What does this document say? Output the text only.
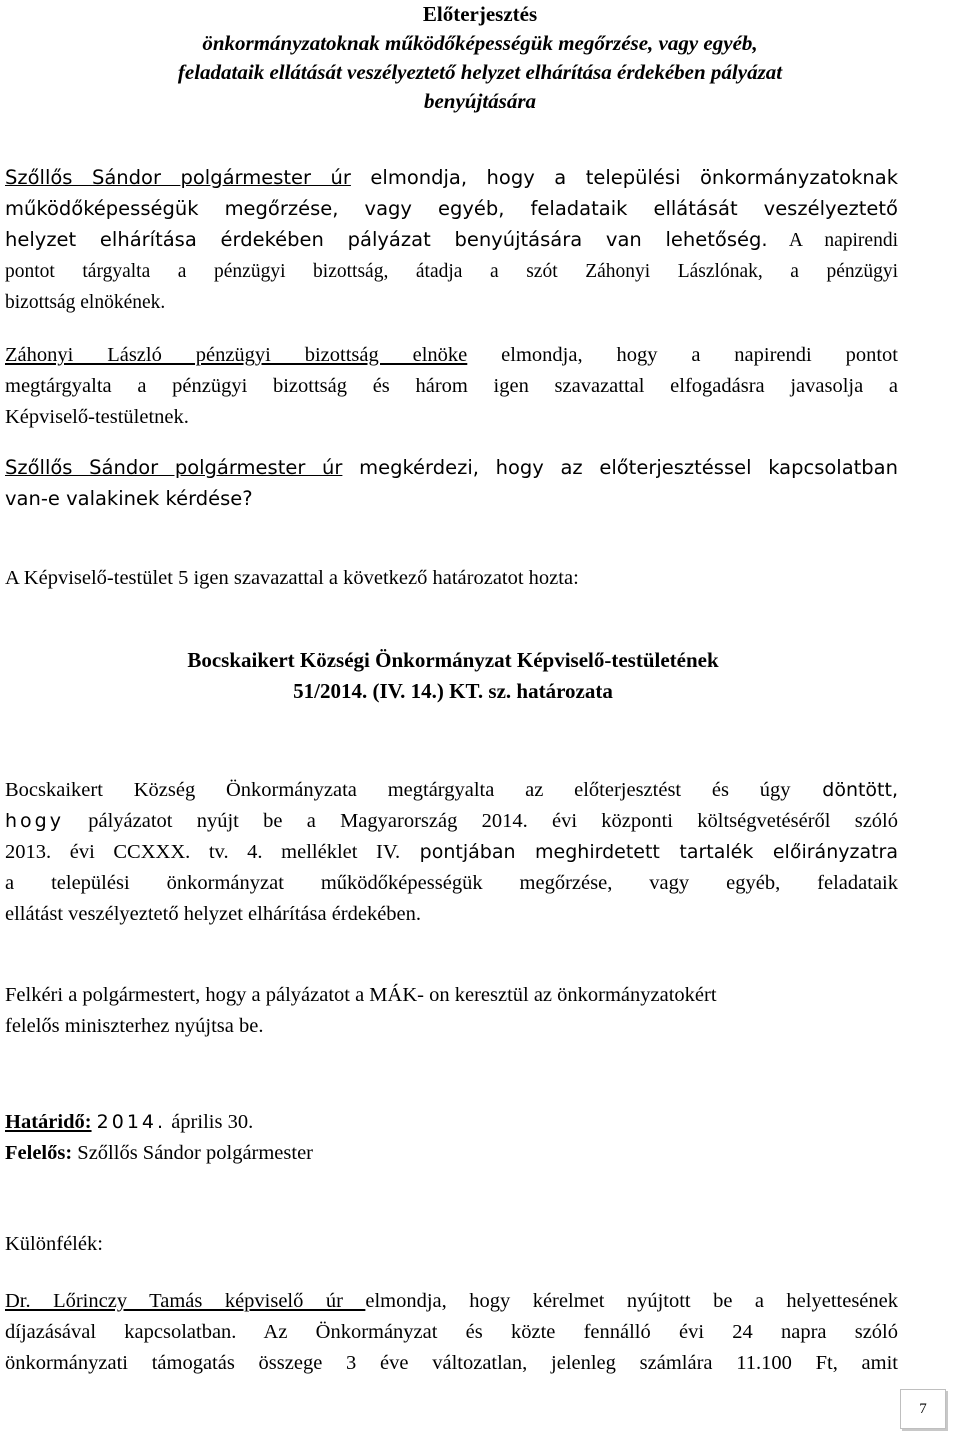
Előterjesztés
önkormányzatoknak működőképességük megőrzése, vagy egyéb,
feladataik ellátását veszélyeztető helyzet elhárítása érdekében pályázat
benyújtására
Szőllős Sándor polgármester úr elmondja, hogy a települési önkormányzatoknak
működőképességük megőrzése, vagy egyéb, feladataik ellátását veszélyeztető
helyzet elhárítása érdekében pályázat benyújtására van lehetőség. A napirendi
pontot tárgyalta a pénzügyi bizottság, átadja a szót Záhonyi Lászlónak, a pénzügyi
bizottság elnökének.
Záhonyi László pénzügyi bizottság elnöke elmondja, hogy a napirendi pontot
megtárgyalta a pénzügyi bizottság és három igen szavazattal elfogadásra javasolja a
Képviselő-testületnek.
Szőllős Sándor polgármester úr megkérdezi, hogy az előterjesztéssel kapcsolatban
van-e valakinek kérdése?
A Képviselő-testület 5 igen szavazattal a következő határozatot hozta:
Bocskaikert Községi Önkormányzat Képviselő-testületének
51/2014. (IV. 14.) KT. sz. határozata
Bocskaikert Község Önkormányzata megtárgyalta az előterjesztést és úgy döntött,
hogy pályázatot nyújt be a Magyarország 2014. évi központi költségvetéséről szóló
2013. évi CCXXX. tv. 4. melléklet IV. pontjában meghirdetett tartalék előirányzatra
a települési önkormányzat működőképességük megőrzése, vagy egyéb, feladataik
ellátást veszélyeztető helyzet elhárítása érdekében.
Felkéri a polgármestert, hogy a pályázatot a MÁK- on keresztül az önkormányzatokért
felelős miniszterhez nyújtsa be.
Határidő: 2014. április 30.
Felelős: Szőllős Sándor polgármester
Különfélék:
Dr. Lőrinczy Tamás képviselő úr elmondja, hogy kérelmet nyújtott be a helyettesének
díjazásával kapcsolatban. Az Önkormányzat és közte fennálló évi 24 napra szóló
önkormányzati támogatás összege 3 éve változatlan, jelenleg számlára 11.100 Ft, amit
7
